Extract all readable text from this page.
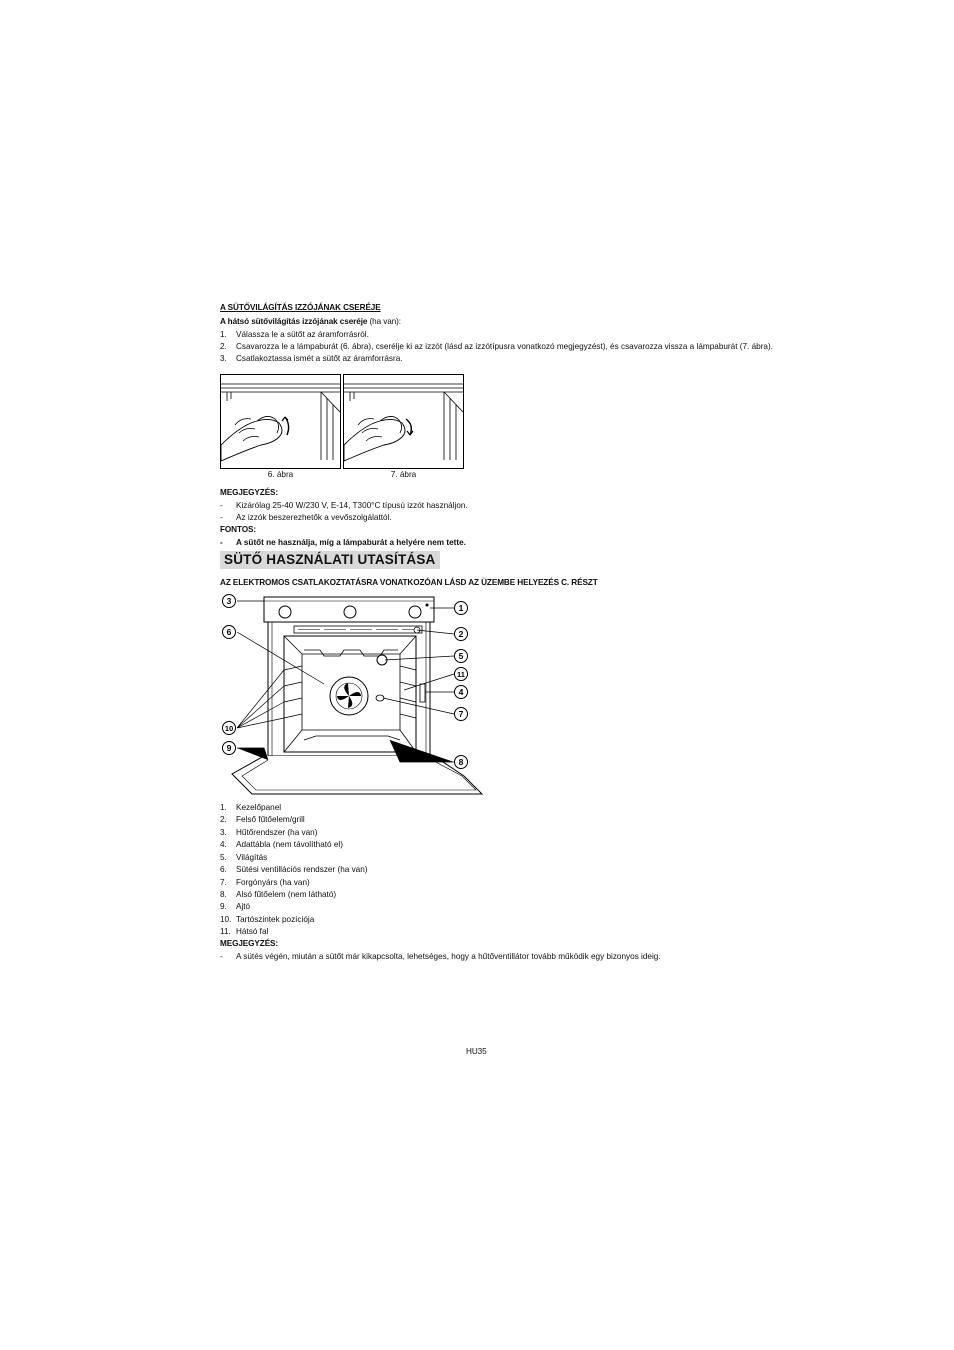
A SÜTŐVILÁGÍTÁS IZZÓJÁNAK CSERÉJE
A hátsó sütővilágítás izzójának cseréje (ha van):
1. Válassza le a sütőt az áramforrásról.
2. Csavarozza le a lámpaburát (6. ábra), cserélje ki az izzót (lásd az izzótípusra vonatkozó megjegyzést), és csavarozza vissza a lámpaburát (7. ábra).
3. Csatlakoztassa ismét a sütőt az áramforrásra.
6. ábra	7. ábra
MEGJEGYZÉS:
- Kizárólag 25-40 W/230 V, E-14, T300°C típusú izzót használjon.
- Az izzók beszerezhetők a vevőszolgálattól.
FONTOS:
- A sütőt ne használja, míg a lámpaburát a helyére nem tette.
SÜTŐ HASZNÁLATI UTASÍTÁSA
AZ ELEKTROMOS CSATLAKOZTATÁSRA VONATKOZÓAN LÁSD AZ ÜZEMBE HELYEZÉS C. RÉSZT
3
6
10
9
1
2
5
11
4
7
8
1. Kezelőpanel
2. Felső fűtőelem/grill
3. Hűtőrendszer (ha van)
4. Adattábla (nem távolítható el)
5. Világítás
6. Sütési ventillációs rendszer (ha van)
7. Forgónyárs (ha van)
8. Alsó fűtőelem (nem látható)
9. Ajtó
10. Tartószintek pozíciója
11. Hátsó fal
MEGJEGYZÉS:
- A sütés végén, miután a sütőt már kikapcsolta, lehetséges, hogy a hűtőventillátor tovább működik egy bizonyos ideig.
HU35
